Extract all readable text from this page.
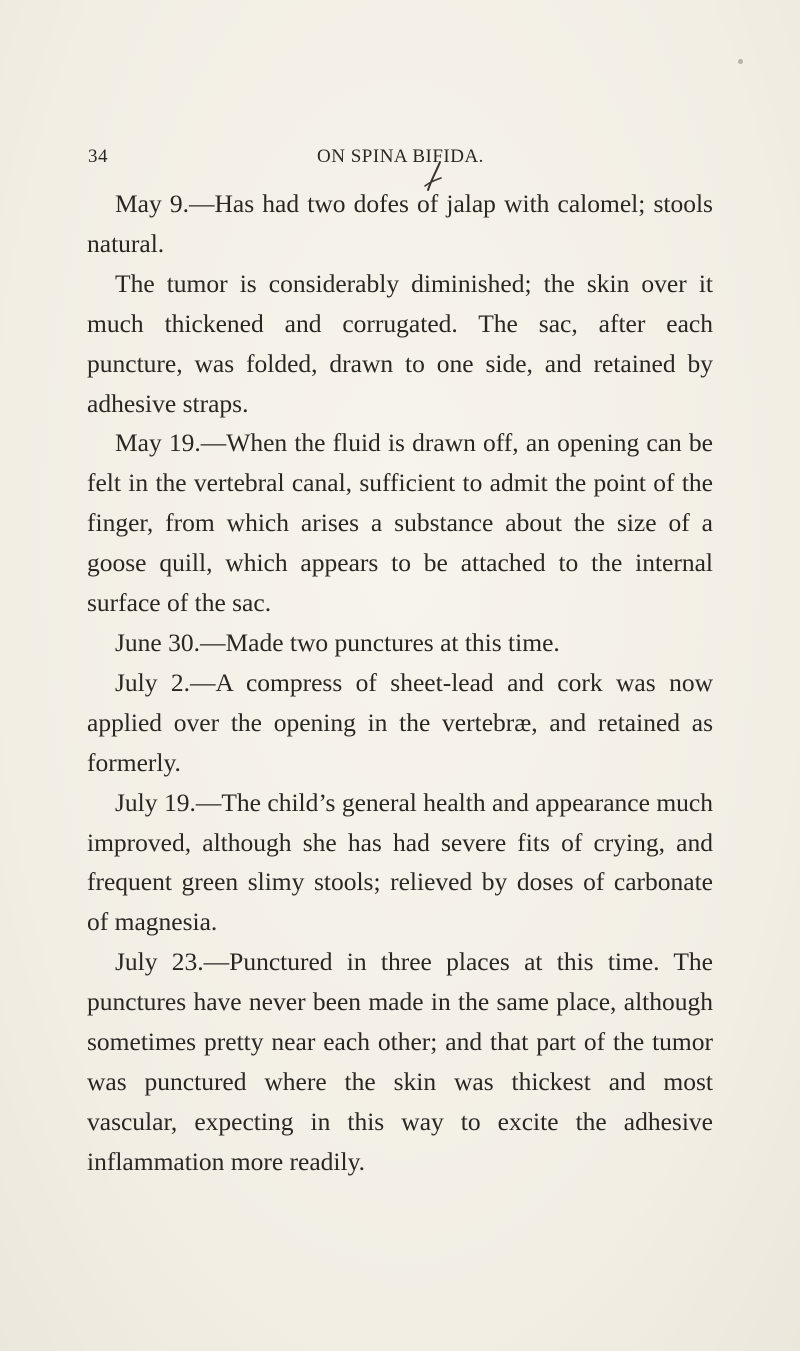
34	ON SPINA BIFIDA.

May 9.—Has had two dofes of jalap with calomel; stools natural.

The tumor is considerably diminished; the skin over it much thickened and corrugated. The sac, after each puncture, was folded, drawn to one side, and retained by adhesive straps.

May 19.—When the fluid is drawn off, an opening can be felt in the vertebral canal, sufficient to admit the point of the finger, from which arises a substance about the size of a goose quill, which appears to be attached to the internal surface of the sac.

June 30.—Made two punctures at this time.

July 2.—A compress of sheet-lead and cork was now applied over the opening in the vertebræ, and retained as formerly.

July 19.—The child’s general health and appearance much improved, although she has had severe fits of crying, and frequent green slimy stools; relieved by doses of carbonate of magnesia.

July 23.—Punctured in three places at this time. The punctures have never been made in the same place, although sometimes pretty near each other; and that part of the tumor was punctured where the skin was thickest and most vascular, expecting in this way to excite the adhesive inflammation more readily.
